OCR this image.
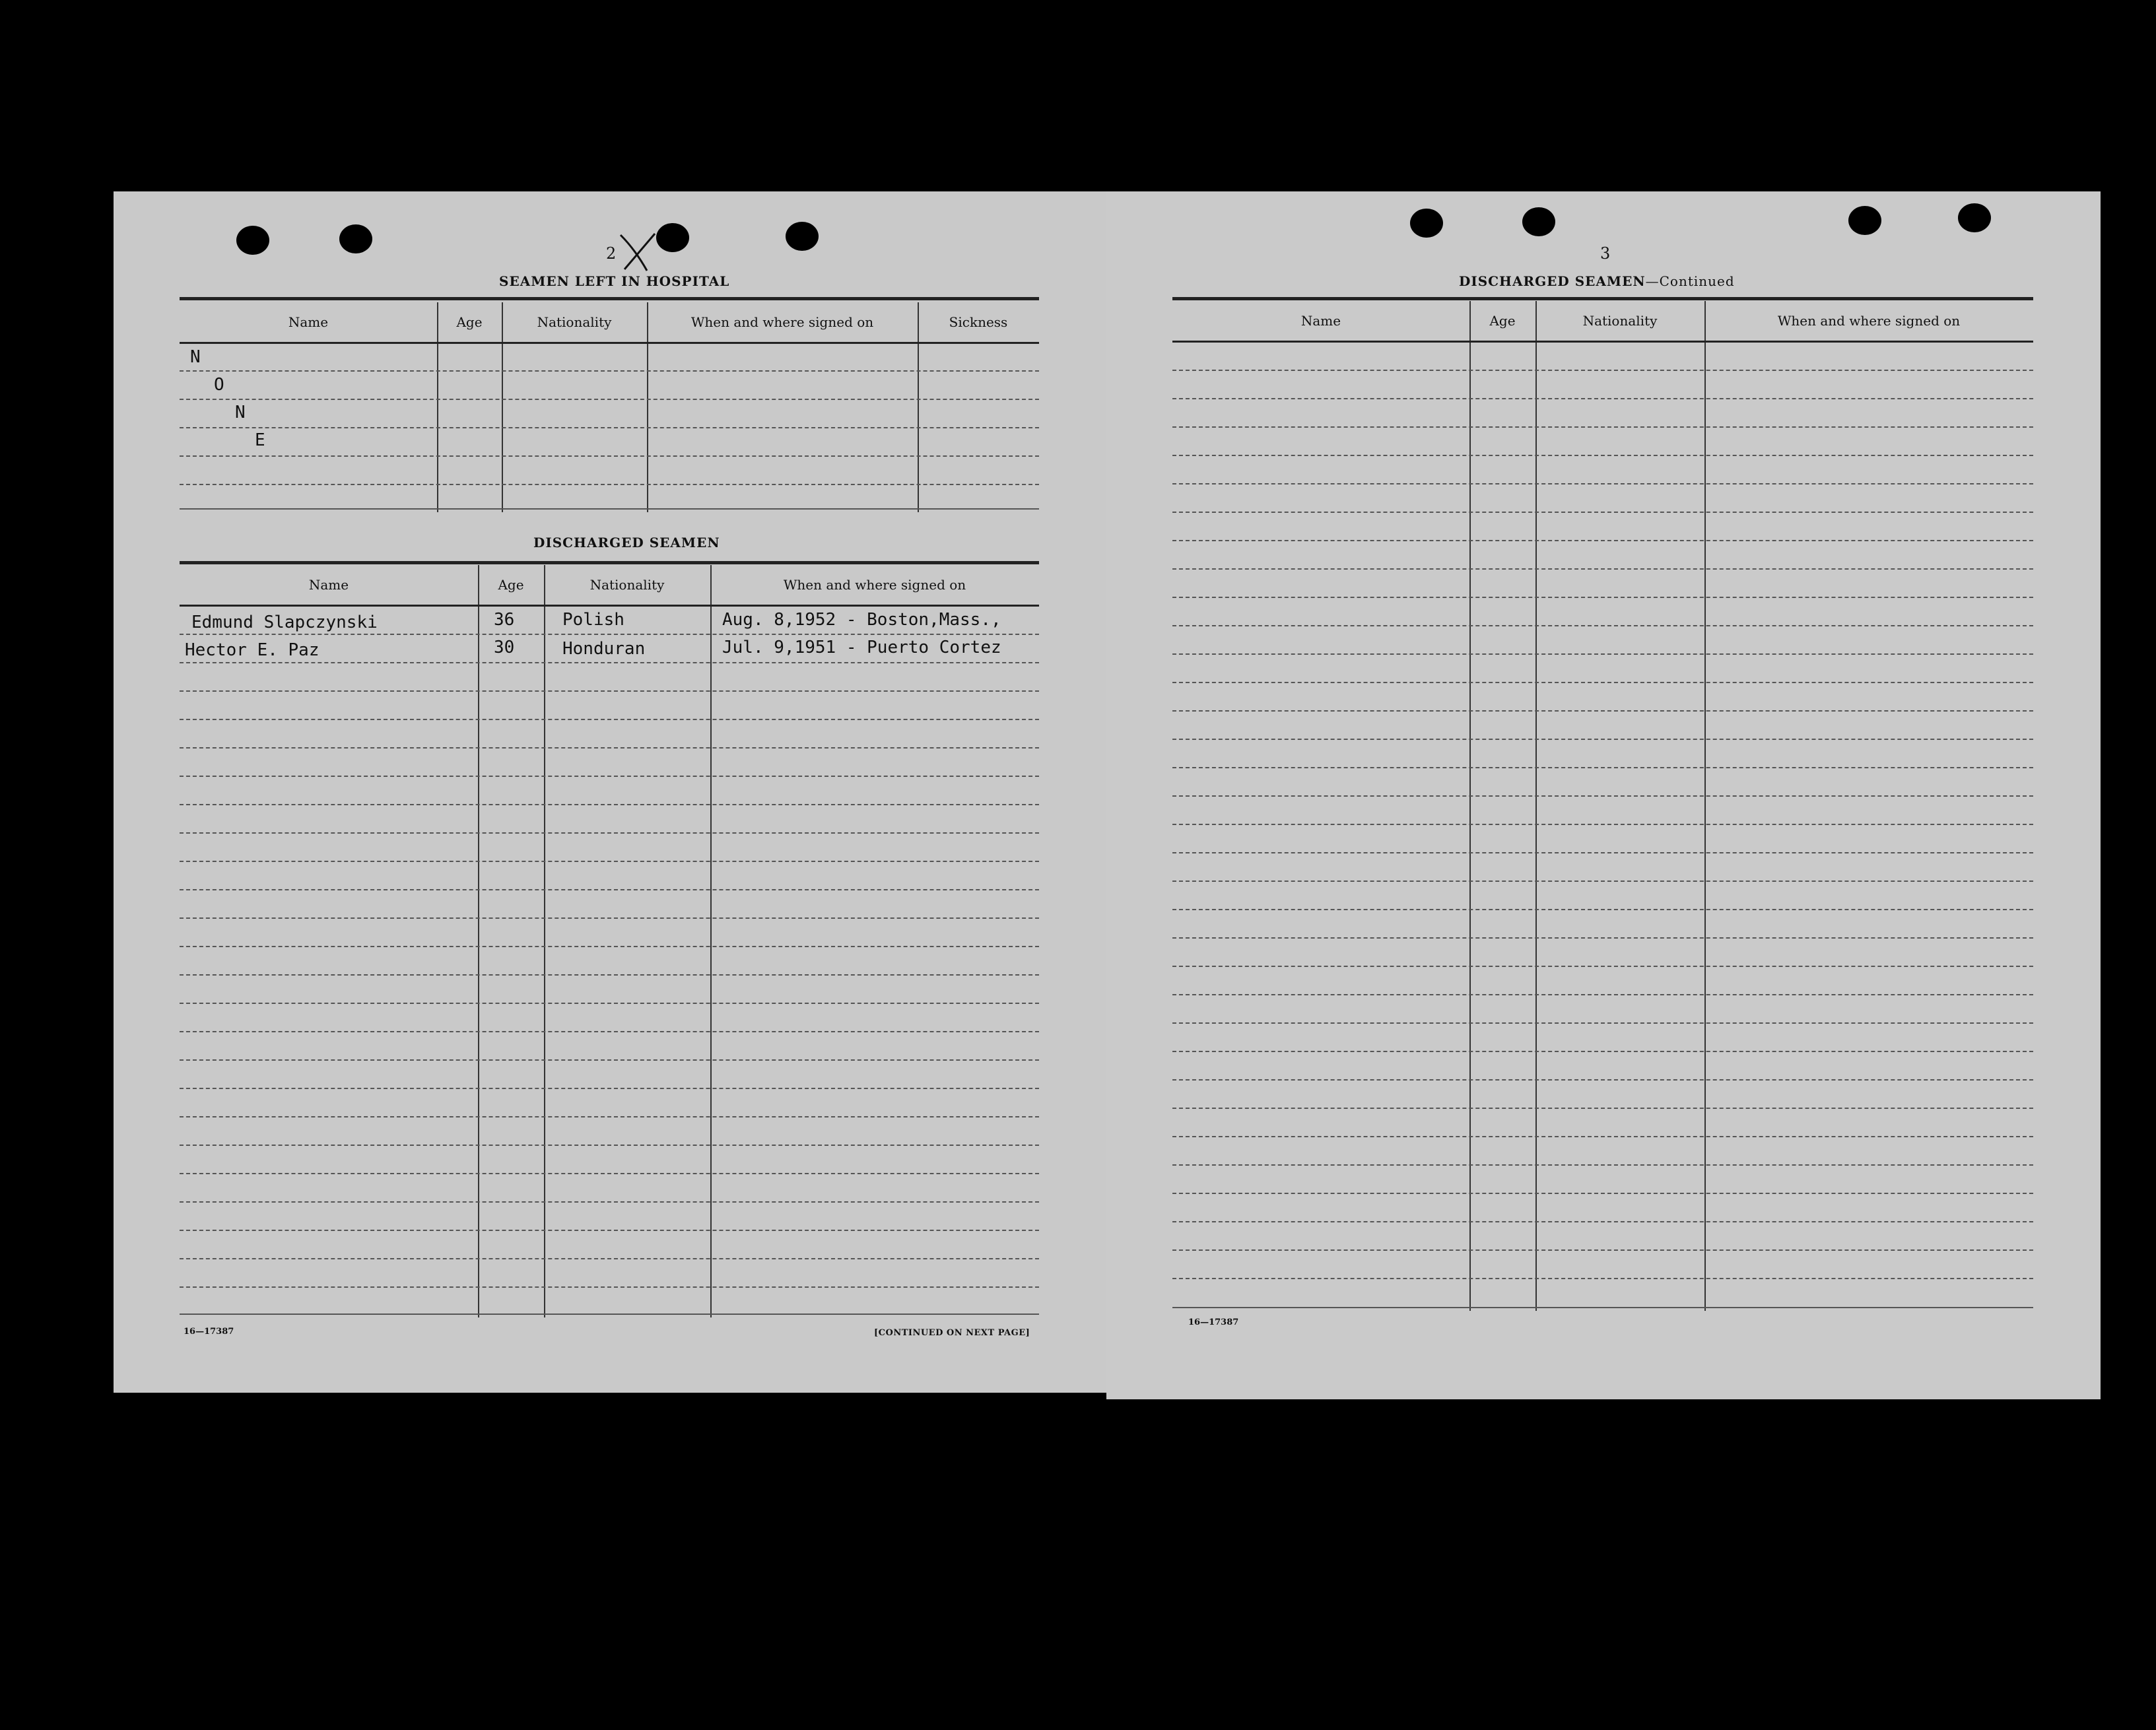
2
SEAMEN LEFT IN HOSPITAL
Name	Age	Nationality	When and where signed on	Sickness
N
O
N
E
DISCHARGED SEAMEN
Name	Age	Nationality	When and where signed on
Edmund Slapczynski	36	Polish	Aug. 8,1952 - Boston,Mass.,
Hector E. Paz	30	Honduran	Jul. 9,1951 - Puerto Cortez
16—17387	[CONTINUED ON NEXT PAGE]
3
DISCHARGED SEAMEN—Continued
Name	Age	Nationality	When and where signed on
16—17387
